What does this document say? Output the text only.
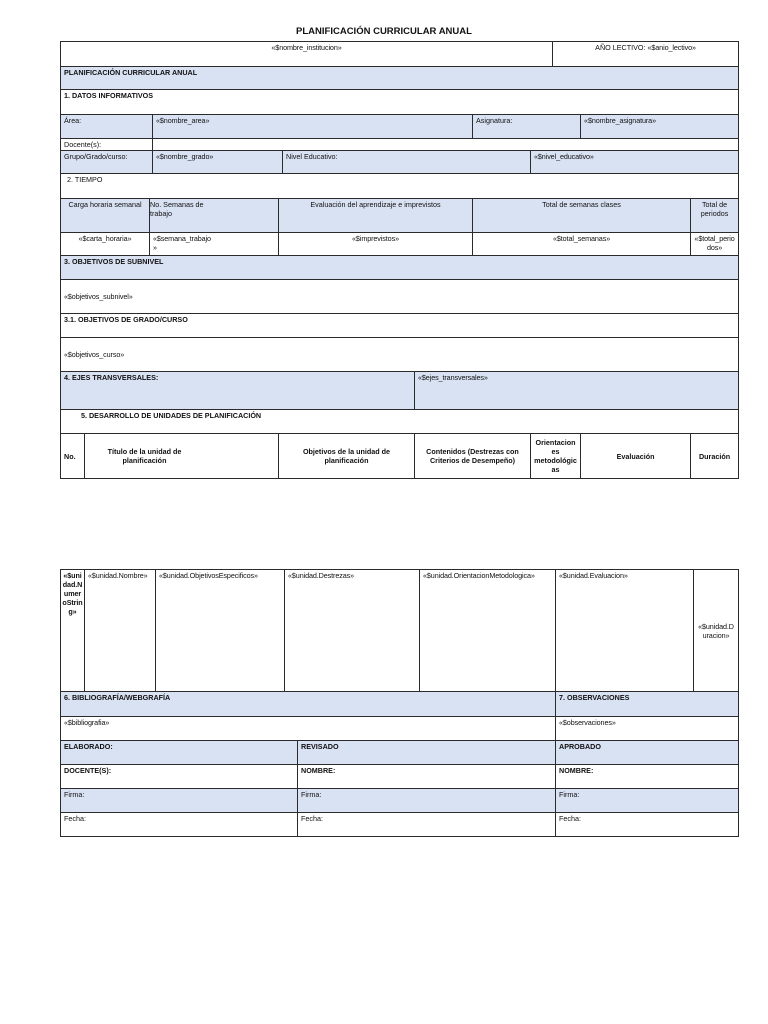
PLANIFICACIÓN CURRICULAR ANUAL
«$nombre_institucion»									AÑO LECTIVO: «$anio_lectivo»		
PLANIFICACIÓN CURRICULAR ANUAL											
1. DATOS INFORMATIVOS											
Área:			«$nombre_area»				Asignatura:			«$nombre_asignatura»	
Docente(s):											
Grupo/Grado/curso:			«$nombre_grado»		Nivel Educativo:			«$nivel_educativo»			
2. TIEMPO											
Carga horaria semanal		No. Semanas de trabajo		Evaluación del aprendizaje e imprevistos			Total de semanas clases				Total de periodos
«$carta_horaria»		«$semana_trabajo»		«$imprevistos»			«$total_semanas»				«$total_periodos»
3. OBJETIVOS DE SUBNIVEL											
«$objetivos_subnivel»											
3.1. OBJETIVOS DE GRADO/CURSO											
«$objetivos_curso»											
4. EJES TRANSVERSALES:						«$ejes_transversales»					
5. DESARROLLO DE UNIDADES DE PLANIFICACIÓN											
No.	Título de la unidad de planificación			Objetivos de la unidad de planificación		Contenidos (Destrezas con Criterios de Desempeño)		Orientaciones metodológicas		Evaluación	Duración
«$unidad.NumeroString»	«$unidad.Nombre»	«$unidad.ObjetivosEspecificos»	«$unidad.Destrezas»		«$unidad.OrientacionMetodologica»	«$unidad.Evaluacion»	«$unidad.Duracion»
6. BIBLIOGRAFÍA/WEBGRAFÍA						7. OBSERVACIONES	
«$bibliografia»						«$observaciones»	
ELABORADO:				REVISADO		APROBADO	
DOCENTE(S):				NOMBRE:		NOMBRE:	
Firma:				Firma:		Firma:	
Fecha:				Fecha:		Fecha:	
